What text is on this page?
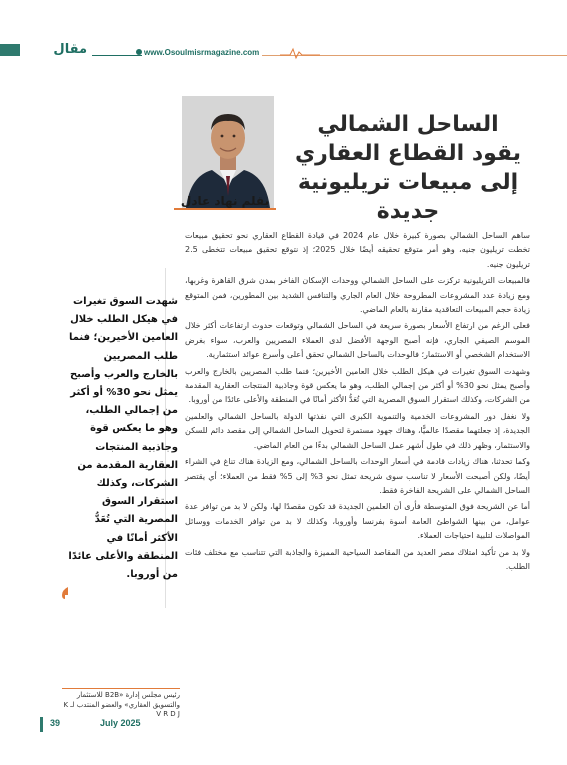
مقال	www.Osoulmisrmagazine.com
بقلم نهاد عادل
الساحل الشمالي يقود القطاع العقاري إلى مبيعات تريليونية جديدة

ساهم الساحل الشمالي بصورة كبيرة خلال عام 2024 في قيادة القطاع العقاري نحو تحقيق مبيعات تخطت تريليون جنيه، وهو أمر متوقع تحقيقه أيضًا خلال 2025؛ إذ نتوقع تحقيق مبيعات تتخطى 2.5 تريليون جنيه.

فالمبيعات التريليونية تركزت على الساحل الشمالي ووحدات الإسكان الفاخر بمدن شرق القاهرة وغربها، ومع زيادة عدد المشروعات المطروحة خلال العام الجاري والتنافس الشديد بين المطورين، فمن المتوقع زيادة حجم المبيعات التعاقدية مقارنة بالعام الماضي.

فعلى الرغم من ارتفاع الأسعار بصورة سريعة في الساحل الشمالي وتوقعات حدوث ارتفاعات أكثر خلال الموسم الصيفي الجاري، فإنه أصبح الوجهة الأفضل لدى العملاء المصريين والعرب، سواء بغرض الاستخدام الشخصي أو الاستثمار؛ فالوحدات بالساحل الشمالي تحقق أعلى وأسرع عوائد استثمارية.

وشهدت السوق تغيرات في هيكل الطلب خلال العامين الأخيرين؛ فنما طلب المصريين بالخارج والعرب وأصبح يمثل نحو 30% أو أكثر من إجمالي الطلب، وهو ما يعكس قوة وجاذبية المنتجات العقارية المقدمة من الشركات، وكذلك استقرار السوق المصرية التي تُعَدُّ الأكثر أمانًا في المنطقة والأعلى عائدًا من أوروبا.

ولا نغفل دور المشروعات الخدمية والتنموية الكبرى التي نفذتها الدولة بالساحل الشمالي والعلمين الجديدة، إذ جعلتهما مقصدًا عالميًّا، وهناك جهود مستمرة لتحويل الساحل الشمالي إلى مقصد دائم للسكن والاستثمار، وظهر ذلك في طول أشهر عمل الساحل الشمالي بدءًا من العام الماضي.

وكما تحدثنا، هناك زيادات قادمة في أسعار الوحدات بالساحل الشمالي، ومع الزيادة هناك تناغ في الشراء أيضًا، ولكن أصبحت الأسعار لا تناسب سوى شريحة تمثل نحو 3% إلى 5% فقط من العملاء؛ أي يقتصر الساحل الشمالي على الشريحة الفاخرة فقط.

أما عن الشريحة فوق المتوسطة فأرى أن العلمين الجديدة قد تكون مقصدًا لها، ولكن لا بد من توافر عدة عوامل، من بينها الشواطئ العامة أسوة بفرنسا وأوروبا، وكذلك لا بد من توافر الخدمات ووسائل المواصلات لتلبية احتياجات العملاء.

ولا بد من تأكيد امتلاك مصر العديد من المقاصد السياحية المميزة والجاذبة التي تتناسب مع مختلف فئات الطلب.

شهدت السوق تغيرات في هيكل الطلب خلال العامين الأخيرين؛ فنما طلب المصريين بالخارج والعرب وأصبح يمثل نحو 30% أو أكثر من إجمالي الطلب، وهو ما يعكس قوة وجاذبية المنتجات العقارية المقدمة من الشركات، وكذلك استقرار السوق المصرية التي تُعَدُّ الأكثر أمانًا في المنطقة والأعلى عائدًا من أوروبا.
رئيس مجلس إدارة «B2B للاستثمار والتسويق العقاري» والعضو المنتدب لـ K V R D J
39	July 2025
